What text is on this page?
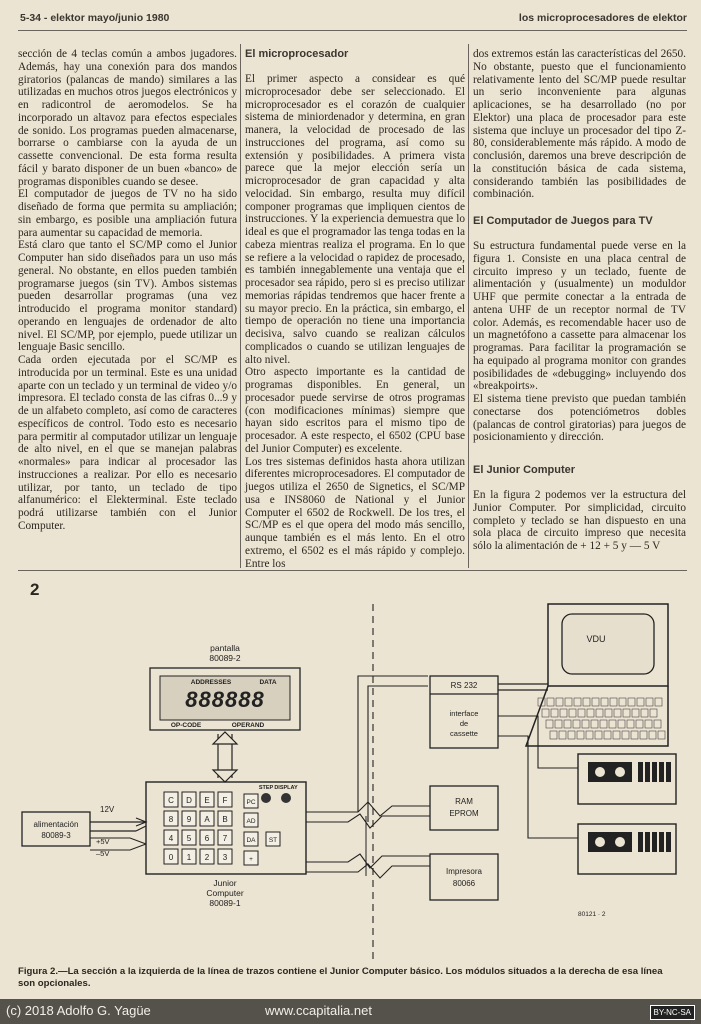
5-34 - elektor mayo/junio 1980	los microprocesadores de elektor

sección de 4 teclas común a ambos jugadores. Además, hay una conexión para dos mandos giratorios (palancas de mando) similares a las utilizadas en muchos otros juegos electrónicos y en radicontrol de aeromodelos. Se ha incorporado un altavoz para efectos especiales de sonido. Los programas pueden almacenarse, borrarse o cambiarse con la ayuda de un cassette convencional. De esta forma resulta fácil y barato disponer de un buen «banco» de programas disponibles cuando se desee.

El computador de juegos de TV no ha sido diseñado de forma que permita su ampliación; sin embargo, es posible una ampliación futura para aumentar su capacidad de memoria.

Está claro que tanto el SC/MP como el Junior Computer han sido diseñados para un uso más general. No obstante, en ellos pueden también programarse juegos (sin TV). Ambos sistemas pueden desarrollar programas (una vez introducido el programa monitor standard) operando en lenguajes de ordenador de alto nivel. El SC/MP, por ejemplo, puede utilizar un lenguaje Basic sencillo.

Cada orden ejecutada por el SC/MP es introducida por un terminal. Este es una unidad aparte con un teclado y un terminal de video y/o impresora. El teclado consta de las cifras 0...9 y de un alfabeto completo, así como de caracteres específicos de control. Todo esto es necesario para permitir al computador utilizar un lenguaje de alto nivel, en el que se manejan palabras «normales» para indicar al procesador las instrucciones a realizar. Por ello es necesario utilizar, por tanto, un teclado de tipo alfanumérico: el Elekterminal. Este teclado podrá utilizarse también con el Junior Computer.

El microprocesador

El primer aspecto a considear es qué microprocesador debe ser seleccionado. El microprocesador es el corazón de cualquier sistema de miniordenador y determina, en gran manera, la velocidad de procesado de las instrucciones del programa, así como su extensión y posibilidades. A primera vista parece que la mejor elección sería un microprocesador de gran capacidad y alta velocidad. Sin embargo, resulta muy difícil componer programas que impliquen cientos de instrucciones. Y la experiencia demuestra que lo ideal es que el programador las tenga todas en la cabeza mientras realiza el programa. En lo que se refiere a la velocidad o rapidez de procesado, es también innegablemente una ventaja que el procesador sea rápido, pero si es preciso utilizar memorias rápidas tendremos que hacer frente a su mayor precio. En la práctica, sin embargo, el tiempo de operación no tiene una importancia decisiva, salvo cuando se realizan cálculos complicados o cuando se utilizan lenguajes de alto nivel.

Otro aspecto importante es la cantidad de programas disponibles. En general, un procesador puede servirse de otros programas (con modificaciones mínimas) siempre que hayan sido escritos para el mismo tipo de procesador. A este respecto, el 6502 (CPU base del Junior Computer) es excelente.

Los tres sistemas definidos hasta ahora utilizan diferentes microprocesadores. El computador de juegos utiliza el 2650 de Signetics, el SC/MP usa e INS8060 de National y el Junior Computer el 6502 de Rockwell. De los tres, el SC/MP es el que opera del modo más sencillo, aunque también es el más lento. En el otro extremo, el 6502 es el más rápido y complejo. Entre los

dos extremos están las características del 2650. No obstante, puesto que el funcionamiento relativamente lento del SC/MP puede resultar un serio inconveniente para algunas aplicaciones, se ha desarrollado (no por Elektor) una placa de procesador para este sistema que incluye un procesador del tipo Z-80, considerablemente más rápido. A modo de conclusión, daremos una breve descripción de la constitución básica de cada sistema, considerando también las posibilidades de combinación.

El Computador de Juegos para TV

Su estructura fundamental puede verse en la figura 1. Consiste en una placa central de circuito impreso y un teclado, fuente de alimentación y (usualmente) un moduldor UHF que permite conectar a la entrada de antena UHF de un receptor normal de TV color. Además, es recomendable hacer uso de un magnetófono a cassette para almacenar los programas. Para facilitar la programación se ha equipado al programa monitor con grandes posibilidades de «debugging» incluyendo dos «breakpoirts».

El sistema tiene previsto que puedan también conectarse dos potenciómetros dobles (palancas de control giratorias) para juegos de posicionamiento y dirección.

El Junior Computer

En la figura 2 podemos ver la estructura del Junior Computer. Por simplicidad, circuito completo y teclado se han dispuesto en una sola placa de circuito impreso que necesita sólo la alimentación de + 12 + 5 y — 5 V

2
pantalla
80089-2
ADDRESSES	DATA
888888
OP-CODE	OPERAND
C D E F
8 9 A B
4 5 6 7
0 1 2 3
PC
AD
DA ST
+
STEP DISPLAY
Junior
Computer
80089-1
alimentación
80089-3
12V
+5V
–5V
RS 232
interface
de
cassette
VDU
RAM
EPROM
Impresora
80066
80121 · 2
Figura 2.—La sección a la izquierda de la línea de trazos contiene el Junior Computer básico. Los módulos situados a la derecha de esa línea son opcionales.
(c) 2018 Adolfo G. Yagüe	www.ccapitalia.net	BY-NC-SA
